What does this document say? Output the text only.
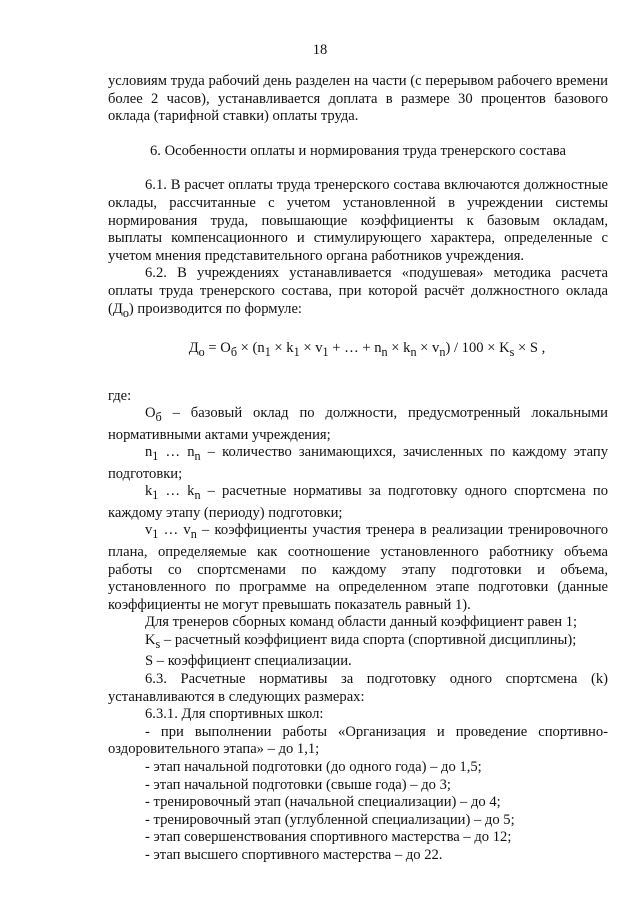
18

условиям труда рабочий день разделен на части (с перерывом рабочего времени более 2 часов), устанавливается доплата в размере 30 процентов базового оклада (тарифной ставки) оплаты труда.

6. Особенности оплаты и нормирования труда тренерского состава

6.1. В расчет оплаты труда тренерского состава включаются должностные оклады, рассчитанные с учетом установленной в учреждении системы нормирования труда, повышающие коэффициенты к базовым окладам, выплаты компенсационного и стимулирующего характера, определенные с учетом мнения представительного органа работников учреждения.

6.2. В учреждениях устанавливается «подушевая» методика расчета оплаты труда тренерского состава, при которой расчёт должностного оклада $(Д_о)$ производится по формуле:

$Д_о = О_б \times (n_1 \times k_1 \times v_1$ + … + $n_n \times k_n \times v_n) / 100 \times K_s \times S$ ,

где:

$О_б$ – базовый оклад по должности, предусмотренный локальными нормативными актами учреждения;

$n_1$ … $n_n$ – количество занимающихся, зачисленных по каждому этапу подготовки;

$k_1$ … $k_n$ – расчетные нормативы за подготовку одного спортсмена по каждому этапу (периоду) подготовки;

$v_1$ … $v_n$ – коэффициенты участия тренера в реализации тренировочного плана, определяемые как соотношение установленного работнику объема работы со спортсменами по каждому этапу подготовки и объема, установленного по программе на определенном этапе подготовки (данные коэффициенты не могут превышать показатель равный 1).

Для тренеров сборных команд области данный коэффициент равен 1;

$K_s$ – расчетный коэффициент вида спорта (спортивной дисциплины);

S – коэффициент специализации.

6.3. Расчетные нормативы за подготовку одного спортсмена (k) устанавливаются в следующих размерах:

6.3.1. Для спортивных школ:

- при выполнении работы «Организация и проведение спортивно-оздоровительного этапа» – до 1,1;

- этап начальной подготовки (до одного года) – до 1,5;

- этап начальной подготовки (свыше года) – до 3;

- тренировочный этап (начальной специализации) – до 4;

- тренировочный этап (углубленной специализации) – до 5;

- этап совершенствования спортивного мастерства – до 12;

- этап высшего спортивного мастерства – до 22.
